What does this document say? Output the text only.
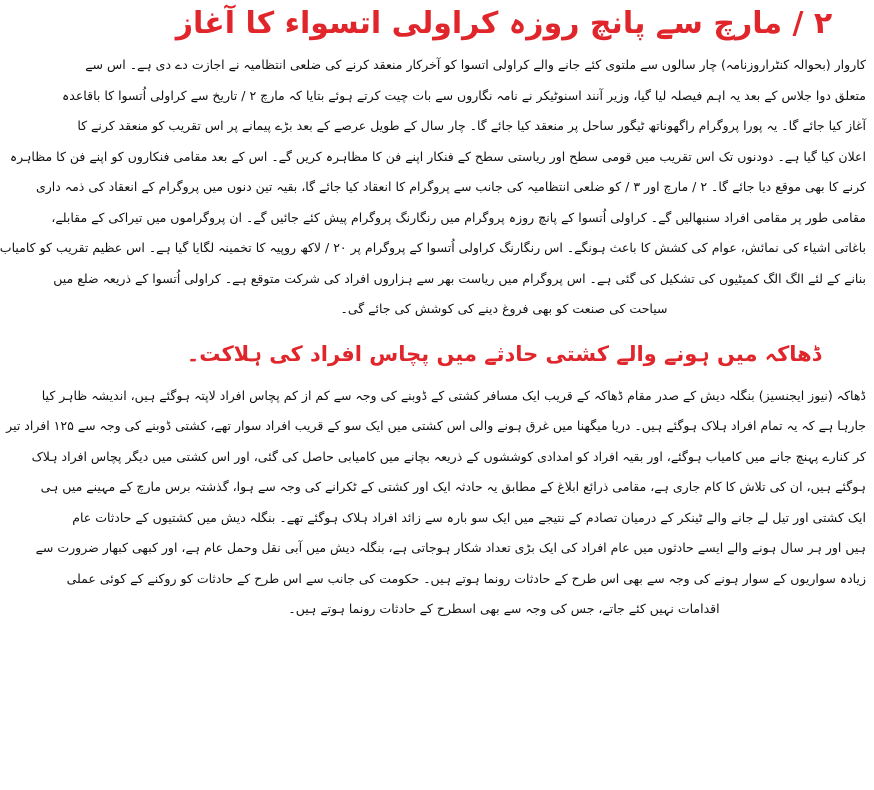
۲ / مارچ سے پانچ روزہ کراولی اتسواء کا آغاز
کاروار (بحوالہ کنٹراروزنامہ) چار سالوں سے ملتوی کئے جانے والے کراولی اتسوا کو آخرکار منعقد کرنے کی ضلعی انتظامیہ نے اجازت دے دی ہے۔ اس سے
متعلق دوا جلاس کے بعد یہ اہم فیصلہ لیا گیا، وزیر آنند اسنوٹیکر نے نامہ نگاروں سے بات چیت کرتے ہوئے بتایا کہ مارچ ۲ / تاریخ سے کراولی اُتسوا کا باقاعدہ
آغاز کیا جائے گا۔ یہ پورا پروگرام راگھوناتھ ٹیگور ساحل پر منعقد کیا جائے گا۔ چار سال کے طویل عرصے کے بعد بڑے پیمانے پر اس تقریب کو منعقد کرنے کا
اعلان کیا گیا ہے۔ دودنوں تک اس تقریب میں قومی سطح اور ریاستی سطح کے فنکار اپنے فن کا مظاہرہ کریں گے۔ اس کے بعد مقامی فنکاروں کو اپنے فن کا مظاہرہ
کرنے کا بھی موقع دیا جائے گا۔ ۲ / مارچ اور ۳ / کو ضلعی انتظامیہ کی جانب سے پروگرام کا انعقاد کیا جائے گا، بقیہ تین دنوں میں پروگرام کے انعقاد کی ذمہ داری
مقامی طور پر مقامی افراد سنبھالیں گے۔ کراولی اُتسوا کے پانچ روزہ پروگرام میں رنگارنگ پروگرام پیش کئے جائیں گے۔ ان پروگراموں میں تیراکی کے مقابلے،
باغاتی اشیاء کی نمائش، عوام کی کشش کا باعث ہونگے۔ اس رنگارنگ کراولی اُتسوا کے پروگرام پر ۲۰ / لاکھ روپیہ کا تخمینہ لگایا گیا ہے۔ اس عظیم تقریب کو کامیاب
بنانے کے لئے الگ الگ کمیٹیوں کی تشکیل کی گئی ہے۔ اس پروگرام میں ریاست بھر سے ہزاروں افراد کی شرکت متوقع ہے۔ کراولی اُتسوا کے ذریعہ ضلع میں
سیاحت کی صنعت کو بھی فروغ دینے کی کوشش کی جائے گی۔
ڈھاکہ میں ہونے والے کشتی حادثے میں پچاس افراد کی ہلاکت۔
ڈھاکہ (نیوز ایجنسیز) بنگلہ دیش کے صدر مقام ڈھاکہ کے قریب ایک مسافر کشتی کے ڈوبنے کی وجہ سے کم از کم پچاس افراد لاپتہ ہوگئے ہیں، اندیشہ ظاہر کیا
جارہا ہے کہ یہ تمام افراد ہلاک ہوگئے ہیں۔ دریا میگھنا میں غرق ہونے والی اس کشتی میں ایک سو کے قریب افراد سوار تھے، کشتی ڈوبنے کی وجہ سے ۱۲۵ افراد تیر
کر کنارے پہنچ جانے میں کامیاب ہوگئے، اور بقیہ افراد کو امدادی کوششوں کے ذریعہ بچانے میں کامیابی حاصل کی گئی، اور اس کشتی میں دیگر پچاس افراد ہلاک
ہوگئے ہیں، ان کی تلاش کا کام جاری ہے، مقامی ذرائع ابلاغ کے مطابق یہ حادثہ ایک اور کشتی کے ٹکرانے کی وجہ سے ہوا، گذشتہ برس مارچ کے مہینے میں ہی
ایک کشتی اور تیل لے جانے والے ٹینکر کے درمیان تصادم کے نتیجے میں ایک سو بارہ سے زائد افراد ہلاک ہوگئے تھے۔ بنگلہ دیش میں کشتیوں کے حادثات عام
ہیں اور ہر سال ہونے والے ایسے حادثوں میں عام افراد کی ایک بڑی تعداد شکار ہوجاتی ہے، بنگلہ دیش میں آبی نقل وحمل عام ہے، اور کبھی کبھار ضرورت سے
زیادہ سواریوں کے سوار ہونے کی وجہ سے بھی اس طرح کے حادثات رونما ہوتے ہیں۔ حکومت کی جانب سے اس طرح کے حادثات کو روکنے کے کوئی عملی
اقدامات نہیں کئے جاتے، جس کی وجہ سے بھی اسطرح کے حادثات رونما ہوتے ہیں۔
